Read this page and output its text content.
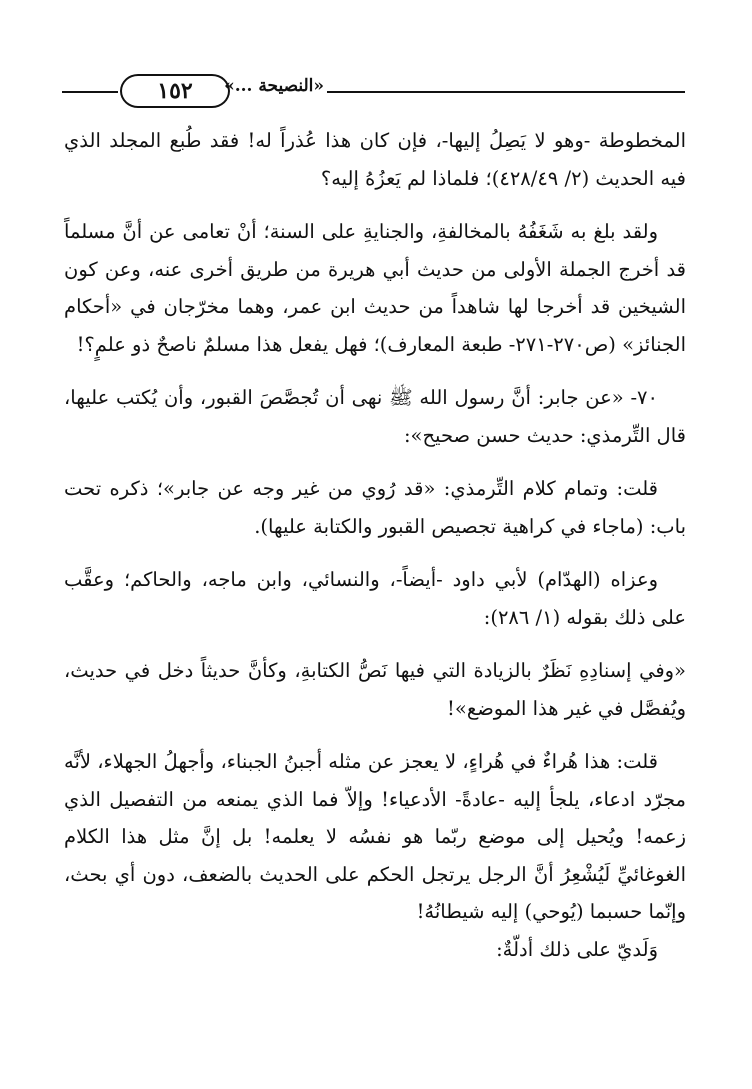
١٥٢	«النصيحة ...»

المخطوطة -وهو لا يَصِلُ إليها-، فإن كان هذا عُذراً له! فقد طُبع المجلد الذي فيه الحديث (٢/ ٤٢٨/٤٩)؛ فلماذا لم يَعزُهُ إليه؟

ولقد بلغ به شَغَفُهُ بالمخالفةِ، والجنايةِ على السنة؛ أنْ تعامى عن أنَّ مسلماً قد أخرج الجملة الأولى من حديث أبي هريرة من طريق أخرى عنه، وعن كون الشيخين قد أخرجا لها شاهداً من حديث ابن عمر، وهما مخرّجان في «أحكام الجنائز» (ص٢٧٠-٢٧١- طبعة المعارف)؛ فهل يفعل هذا مسلمٌ ناصحٌ ذو علمٍ؟!

٧٠- «عن جابر: أنَّ رسول الله ﷺ نهى أن تُجصَّصَ القبور، وأن يُكتب عليها، قال التِّرمذي: حديث حسن صحيح»:

قلت: وتمام كلام التِّرمذي: «قد رُوي من غير وجه عن جابر»؛ ذكره تحت باب: (ماجاء في كراهية تجصيص القبور والكتابة عليها).

وعزاه (الهدّام) لأبي داود -أيضاً-، والنسائي، وابن ماجه، والحاكم؛ وعقَّب على ذلك بقوله (١/ ٢٨٦):

«وفي إسنادِهِ نَظَرٌ بالزيادة التي فيها نَصُّ الكتابةِ، وكأنَّ حديثاً دخل في حديث، ويُفصَّل في غير هذا الموضع»!

قلت: هذا هُراءٌ في هُراءٍ، لا يعجز عن مثله أجبنُ الجبناء، وأجهلُ الجهلاء، لأنَّه مجرّد ادعاء، يلجأ إليه -عادةً- الأدعياء! وإلاّ فما الذي يمنعه من التفصيل الذي زعمه! ويُحيل إلى موضع ربّما هو نفسُه لا يعلمه! بل إنَّ مثل هذا الكلام الغوغائيِّ لَيُشْعِرُ أنَّ الرجل يرتجل الحكم على الحديث بالضعف، دون أي بحث، وإنّما حسبما (يُوحي) إليه شيطانُهُ!

وَلَديّ على ذلك أدلّةٌ:
